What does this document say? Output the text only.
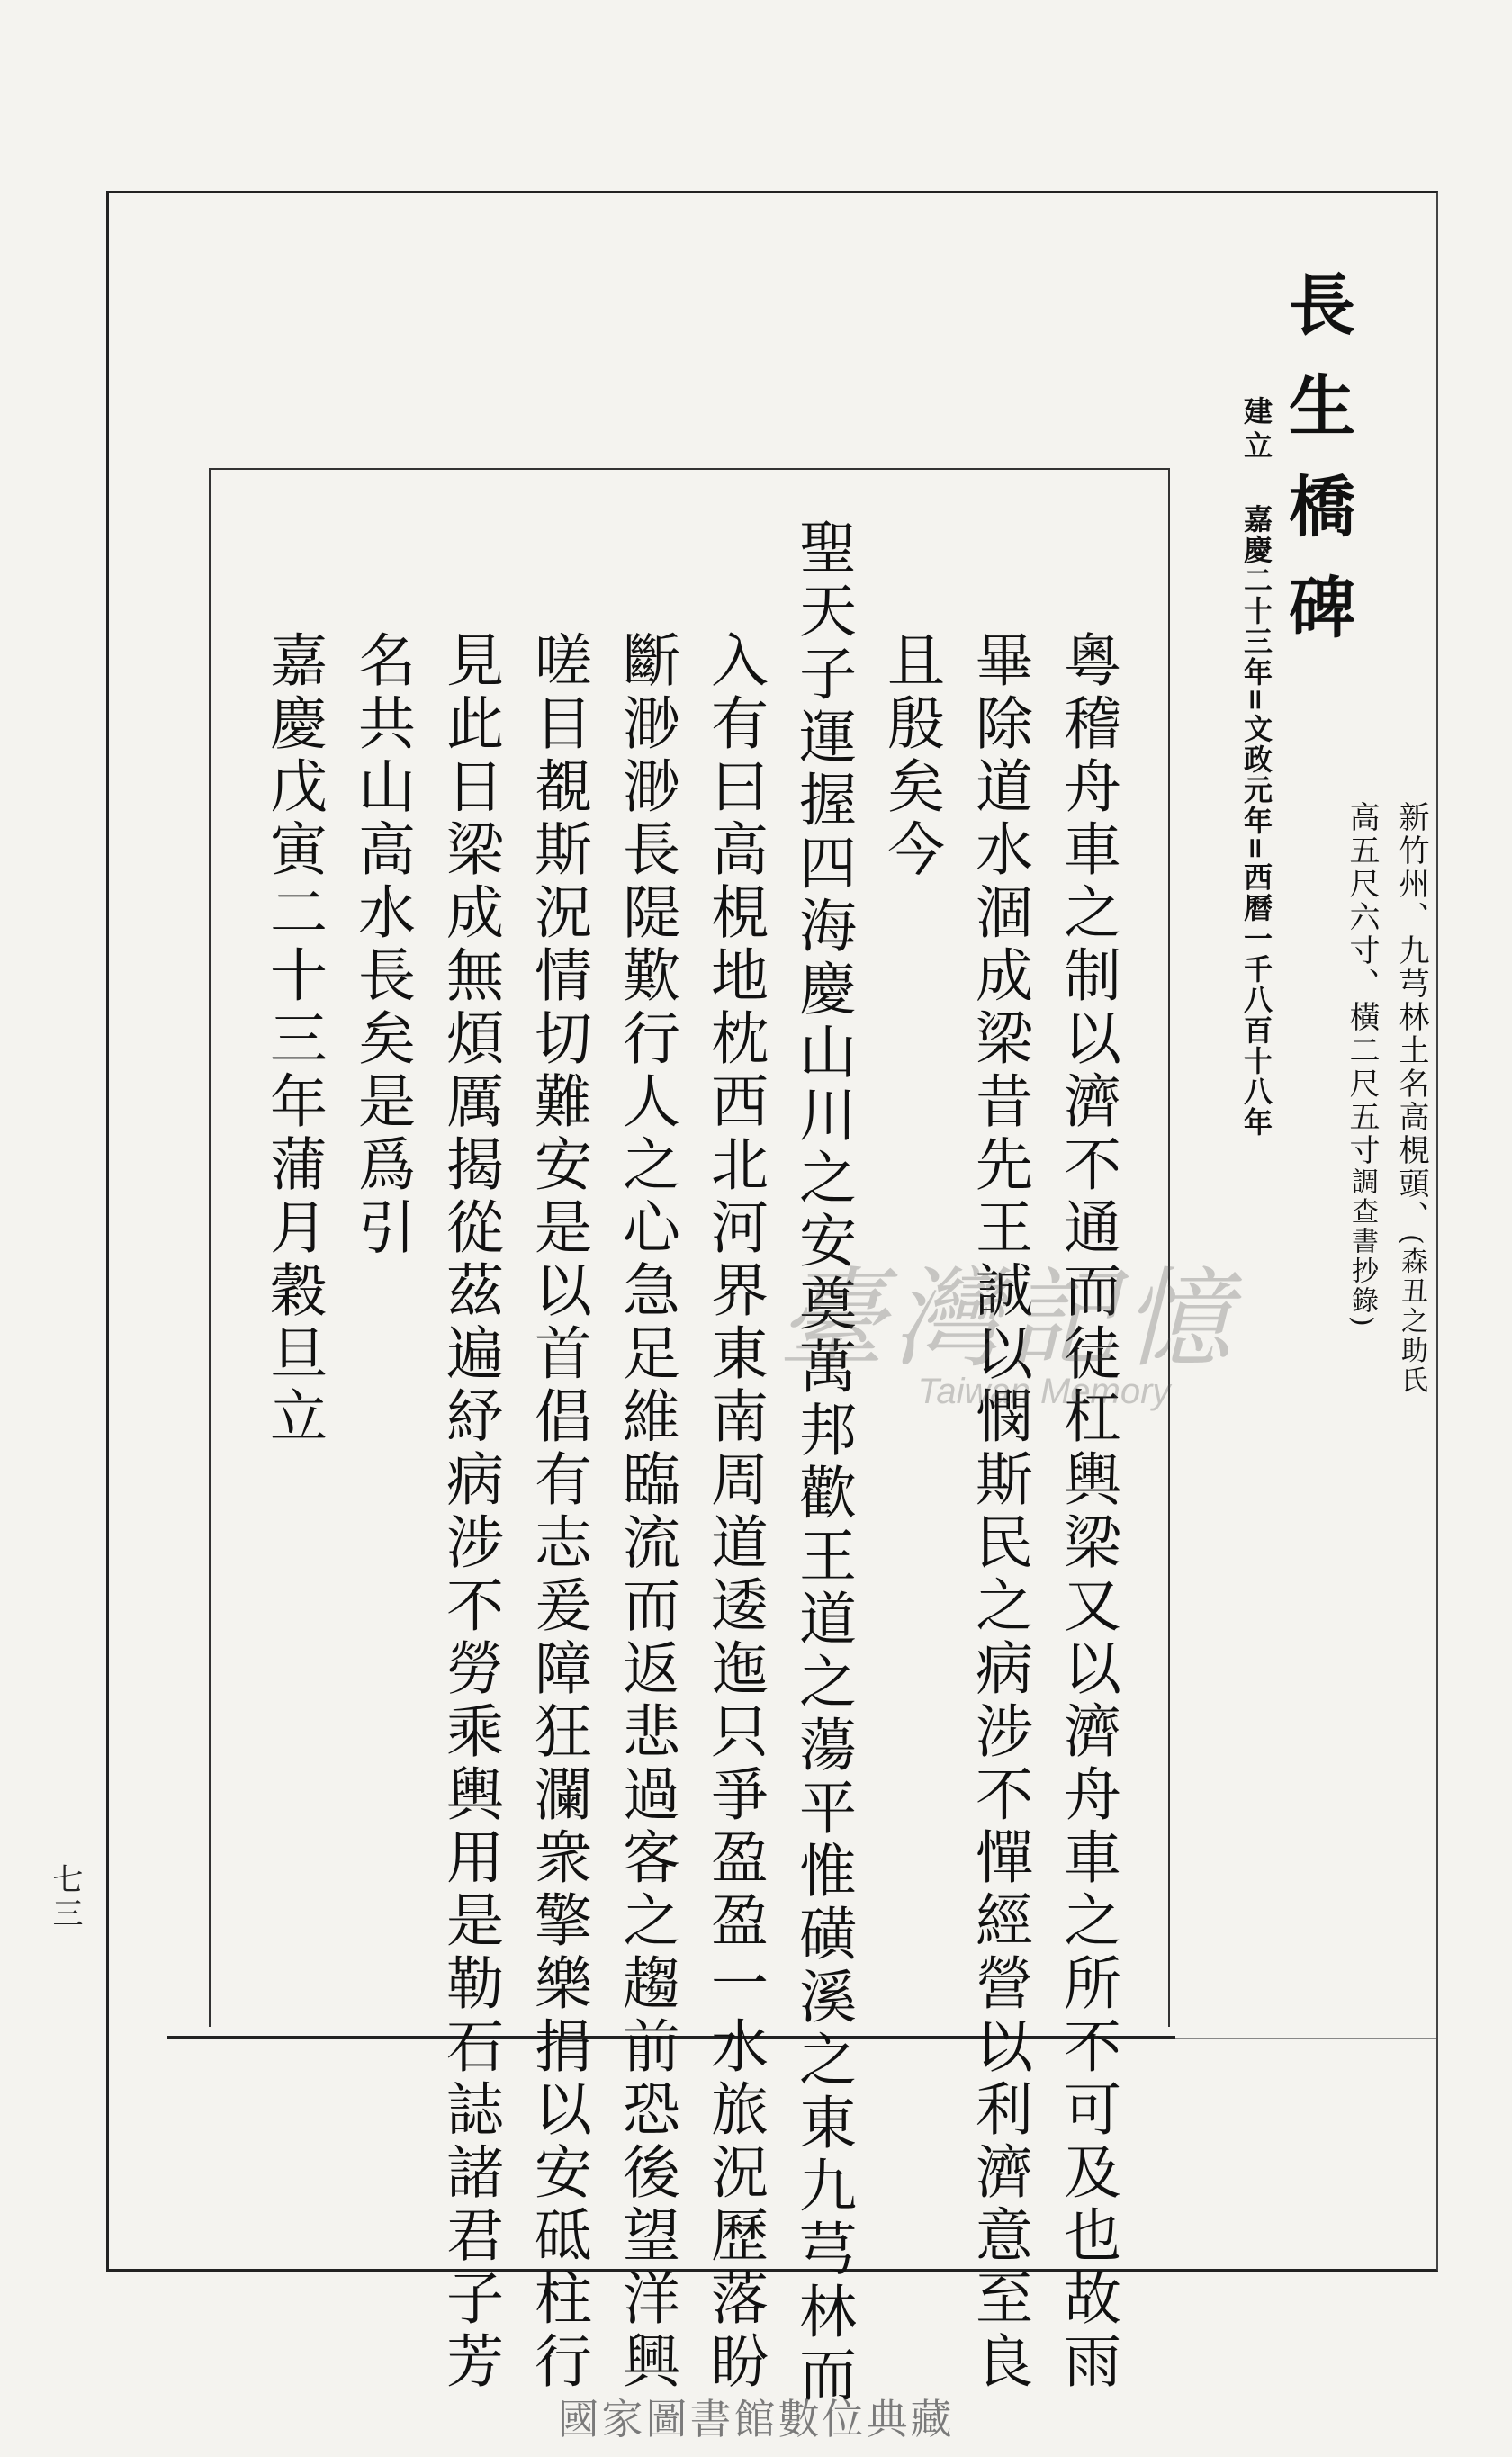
長生橋碑
新竹州、九芎林土名高梘頭、(森丑之助氏
高五尺六寸、橫二尺五寸調查書抄錄)
建立
嘉慶二十三年=文政元年=西曆一千八百十八年
粵稽舟車之制以濟不通而徒杠輿梁又以濟舟車之所不可及也故雨
畢除道水涸成梁昔先王誠以憫斯民之病涉不憚經營以利濟意至良
且殷矣今
聖天子運握四海慶山川之安奠萬邦歡王道之蕩平惟磺溪之東九芎林而
入有曰高梘地枕西北河界東南周道逶迤只爭盈盈一水旅況歷落盼
斷渺渺長隄歎行人之心急足維臨流而返悲過客之趨前恐後望洋興
嗟目覩斯況情切難安是以首倡有志爰障狂瀾衆擎樂捐以安砥柱行
見此日梁成無煩厲揭從茲遍紓病涉不勞乘輿用是勒石誌諸君子芳
名共山高水長矣是爲引
嘉慶戊寅二十三年蒲月穀旦立
七三
臺灣記憶
Taiwan Memory
國家圖書館數位典藏
